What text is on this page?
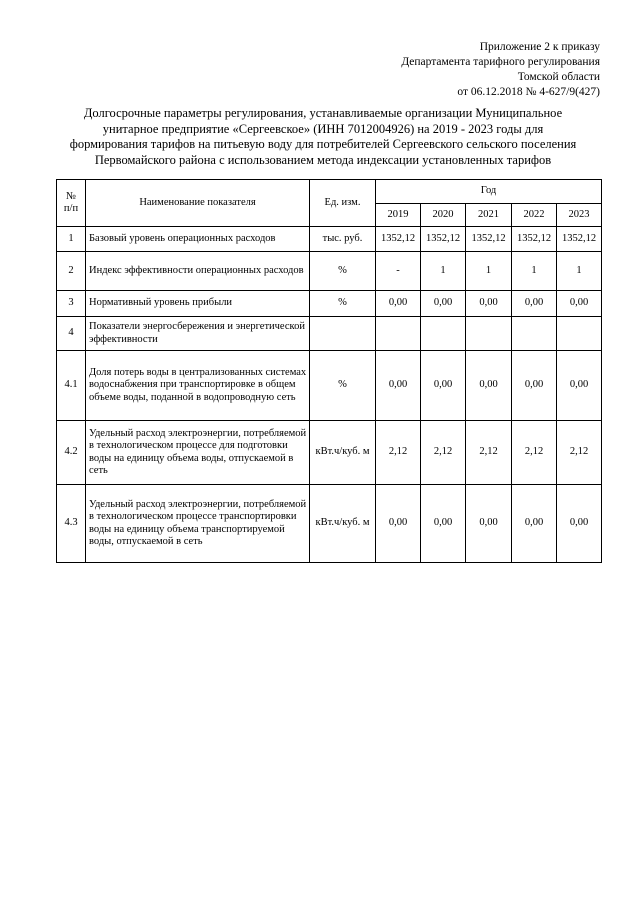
Приложение 2 к приказу
Департамента тарифного регулирования
Томской области
от 06.12.2018 № 4-627/9(427)
Долгосрочные параметры регулирования, устанавливаемые организации Муниципальное
унитарное предприятие «Сергеевское» (ИНН 7012004926) на 2019 - 2023 годы для
формирования тарифов на питьевую воду для потребителей Сергеевского сельского поселения
Первомайского района с использованием метода индексации установленных тарифов
№
п/п	Наименование показателя	Ед. изм.	Год				
			2019	2020	2021	2022	2023
1	Базовый уровень операционных расходов	тыс. руб.	1352,12	1352,12	1352,12	1352,12	1352,12
2	Индекс эффективности операционных расходов	%	-	1	1	1	1
3	Нормативный уровень прибыли	%	0,00	0,00	0,00	0,00	0,00
4	Показатели энергосбережения и энергетической эффективности						
4.1	Доля потерь воды в централизованных системах водоснабжения при транспортировке в общем объеме воды, поданной в водопроводную сеть	%	0,00	0,00	0,00	0,00	0,00
4.2	Удельный расход электроэнергии, потребляемой в технологическом процессе для подготовки воды на единицу объема воды, отпускаемой в сеть	кВт.ч/куб. м	2,12	2,12	2,12	2,12	2,12
4.3	Удельный расход электроэнергии, потребляемой в технологическом процессе транспортировки воды на единицу объема транспортируемой воды, отпускаемой в сеть	кВт.ч/куб. м	0,00	0,00	0,00	0,00	0,00
